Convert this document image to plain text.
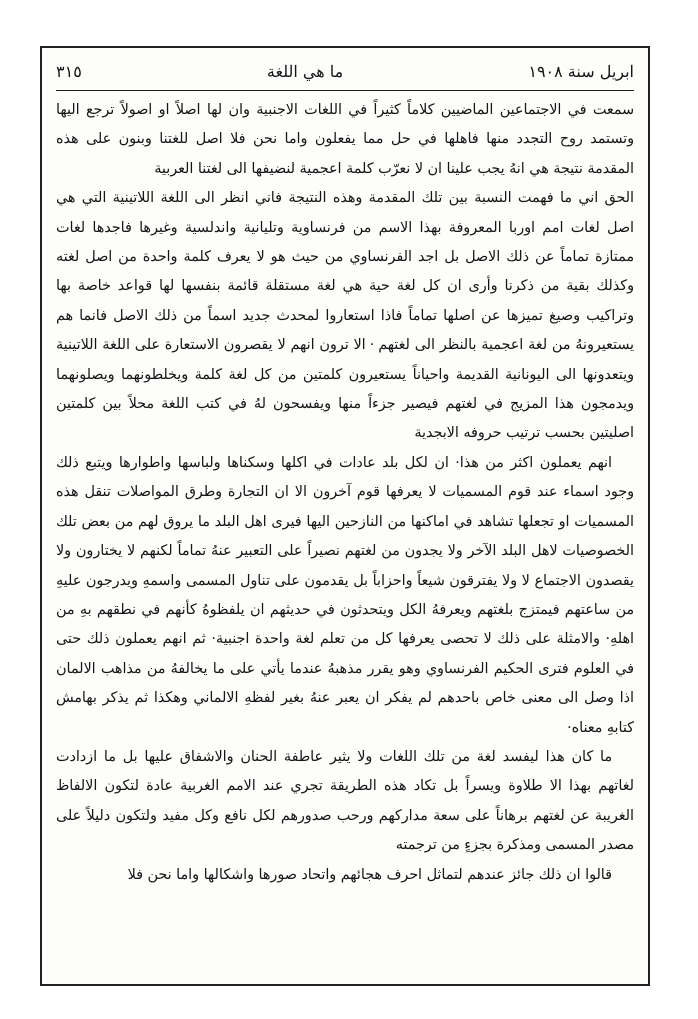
ابريل سنة ١٩٠٨
ما هي اللغة
٣١٥

سمعت في الاجتماعين الماضيين كلاماً كثيراً في اللغات الاجنبية وان لها اصلاً او اصولاً ترجع اليها وتستمد روح التجدد منها فاهلها في حل مما يفعلون واما نحن فلا اصل للغتنا وبنون على هذه المقدمة نتيجة هي انهُ يجب علينا ان لا نعرّب كلمة اعجمية لنضيفها الى لغتنا العربية

الحق اني ما فهمت النسبة بين تلك المقدمة وهذه النتيجة فاني انظر الى اللغة اللاتينية التي هي اصل لغات امم اوربا المعروفة بهذا الاسم من فرنساوية وتليانية واندلسية وغيرها فاجدها لغات ممتازة تماماً عن ذلك الاصل بل اجد الفرنساوي من حيث هو لا يعرف كلمة واحدة من اصل لغته وكذلك بقية من ذكرنا وأرى ان كل لغة حية هي لغة مستقلة قائمة بنفسها لها قواعد خاصة بها وتراكيب وصيغ تميزها عن اصلها تماماً فاذا استعاروا لمحدث جديد اسماً من ذلك الاصل فانما هم يستعيرونهُ من لغة اعجمية بالنظر الى لغتهم·الا ترون انهم لا يقصرون الاستعارة على اللغة اللاتينية ويتعدونها الى اليونانية القديمة واحياناً يستعيرون كلمتين من كل لغة كلمة ويخلطونهما ويصلونهما ويدمجون هذا المزيج في لغتهم فيصير جزءاً منها ويفسحون لهُ في كتب اللغة محلاً بين كلمتين اصليتين بحسب ترتيب حروفه الابجدية

انهم يعملون اكثر من هذا· ان لكل بلد عادات في اكلها وسكناها ولباسها واطوارها ويتبع ذلك وجود اسماء عند قوم المسميات لا يعرفها قوم آخرون الا ان التجارة وطرق المواصلات تنقل هذه المسميات او تجعلها تشاهد في اماكنها من النازحين اليها فيرى اهل البلد ما يروق لهم من بعض تلك الخصوصيات لاهل البلد الآخر ولا يجدون من لغتهم نصيراً على التعبير عنهُ تماماً لكنهم لا يختارون ولا يقصدون الاجتماع لا ولا يفترقون شيعاً واحزاباً بل يقدمون على تناول المسمى واسمهِ ويدرجون عليهِ من ساعتهم فيمتزج بلغتهم ويعرفهُ الكل ويتحدثون في حديثهم ان يلفظوهُ كأنهم في نطقهم بهِ من اهلهِ· والامثلة على ذلك لا تحصى يعرفها كل من تعلم لغة واحدة اجنبية· ثم انهم يعملون ذلك حتى في العلوم فترى الحكيم الفرنساوي وهو يقرر مذهبهُ عندما يأتي على ما يخالفهُ من مذاهب الالمان اذا وصل الى معنى خاص باحدهم لم يفكر ان يعبر عنهُ بغير لفظهِ الالماني وهكذا ثم يذكر بهامش كتابهِ معناه·

ما كان هذا ليفسد لغة من تلك اللغات ولا يثير عاطفة الحنان والاشفاق عليها بل ما ازدادت لغاتهم بهذا الا طلاوة ويسراً بل تكاد هذه الطريقة تجري عند الامم الغربية عادة لتكون الالفاظ الغريبة عن لغتهم برهاناً على سعة مداركهم ورحب صدورهم لكل نافع وكل مفيد ولتكون دليلاً على مصدر المسمى ومذكرة بجزءٍ من ترجمته

قالوا ان ذلك جائز عندهم لتماثل احرف هجائهم واتحاد صورها واشكالها واما نحن فلا
